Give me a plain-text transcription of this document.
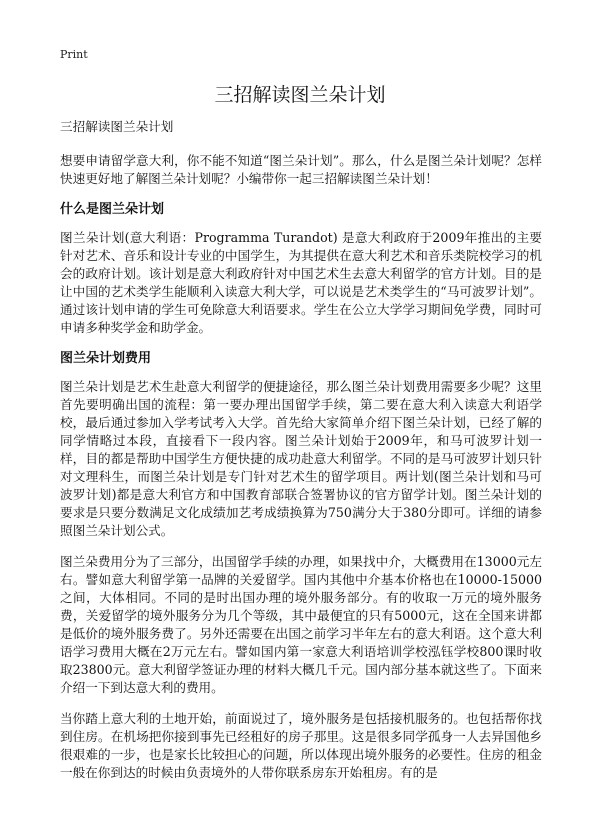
Print
三招解读图兰朵计划

三招解读图兰朵计划

想要申请留学意大利，你不能不知道“图兰朵计划”。那么，什么是图兰朵计划呢？怎样快速更好地了解图兰朵计划呢？小编带你一起三招解读图兰朵计划！

什么是图兰朵计划

图兰朵计划(意大利语：Programma Turandot) 是意大利政府于2009年推出的主要针对艺术、音乐和设计专业的中国学生，为其提供在意大利艺术和音乐类院校学习的机会的政府计划。该计划是意大利政府针对中国艺术生去意大利留学的官方计划。目的是让中国的艺术类学生能顺利入读意大利大学，可以说是艺术类学生的“马可波罗计划”。通过该计划申请的学生可免除意大利语要求。学生在公立大学学习期间免学费，同时可申请多种奖学金和助学金。

图兰朵计划费用

图兰朵计划是艺术生赴意大利留学的便捷途径，那么图兰朵计划费用需要多少呢？这里首先要明确出国的流程：第一要办理出国留学手续，第二要在意大利入读意大利语学校，最后通过参加入学考试考入大学。首先给大家简单介绍下图兰朵计划，已经了解的同学情略过本段，直接看下一段内容。图兰朵计划始于2009年，和马可波罗计划一样，目的都是帮助中国学生方便快捷的成功赴意大利留学。不同的是马可波罗计划只针对文理科生，而图兰朵计划是专门针对艺术生的留学项目。两计划(图兰朵计划和马可波罗计划)都是意大利官方和中国教育部联合签署协议的官方留学计划。图兰朵计划的要求是只要分数满足文化成绩加艺考成绩换算为750满分大于380分即可。详细的请参照图兰朵计划公式。

图兰朵费用分为了三部分，出国留学手续的办理，如果找中介，大概费用在13000元左右。譬如意大利留学第一品牌的关爱留学。国内其他中介基本价格也在10000-15000之间，大体相同。不同的是时出国办理的境外服务部分。有的收取一万元的境外服务费，关爱留学的境外服务分为几个等级，其中最便宜的只有5000元，这在全国来讲都是低价的境外服务费了。另外还需要在出国之前学习半年左右的意大利语。这个意大利语学习费用大概在2万元左右。譬如国内第一家意大利语培训学校泓钰学校800课时收取23800元。意大利留学签证办理的材料大概几千元。国内部分基本就这些了。下面来介绍一下到达意大利的费用。

当你踏上意大利的土地开始，前面说过了，境外服务是包括接机服务的。也包括帮你找到住房。在机场把你接到事先已经租好的房子那里。这是很多同学孤身一人去异国他乡很艰难的一步，也是家长比较担心的问题，所以体现出境外服务的必要性。住房的租金一般在你到达的时候由负责境外的人带你联系房东开始租房。有的是
